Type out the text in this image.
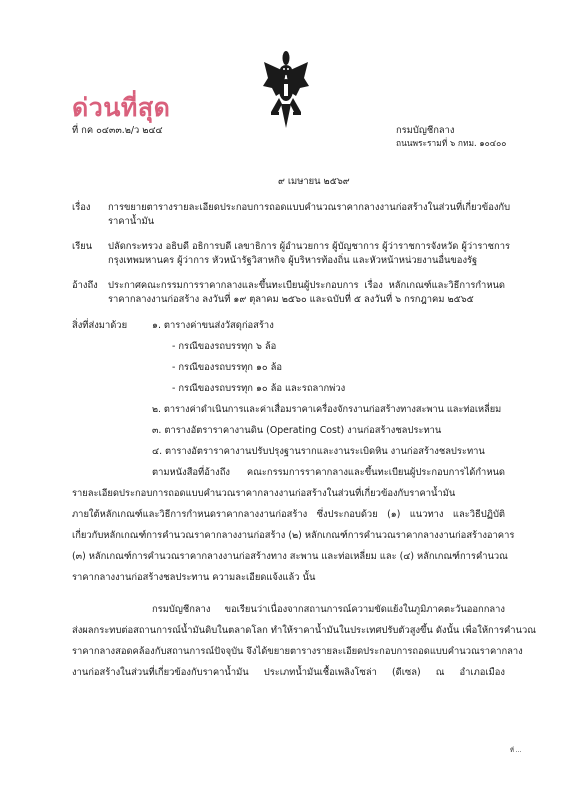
ด่วนที่สุด
ที่ กค ๐๔๓๓.๒/ว ๒๔๔	กรมบัญชีกลาง
ถนนพระรามที่ ๖ กทม. ๑๐๔๐๐
๙ เมษายน ๒๕๖๙
เรื่อง การขยายตารางรายละเอียดประกอบการถอดแบบคำนวณราคากลางงานก่อสร้างในส่วนที่เกี่ยวข้องกับ
ราคาน้ำมัน
เรียน ปลัดกระทรวง อธิบดี อธิการบดี เลขาธิการ ผู้อำนวยการ ผู้บัญชาการ ผู้ว่าราชการจังหวัด ผู้ว่าราชการ
กรุงเทพมหานคร ผู้ว่าการ หัวหน้ารัฐวิสาหกิจ ผู้บริหารท้องถิ่น และหัวหน้าหน่วยงานอื่นของรัฐ
อ้างถึง ประกาศคณะกรรมการราคากลางและขึ้นทะเบียนผู้ประกอบการ เรื่อง หลักเกณฑ์และวิธีการกำหนด
ราคากลางงานก่อสร้าง ลงวันที่ ๑๙ ตุลาคม ๒๕๖๐ และฉบับที่ ๕ ลงวันที่ ๖ กรกฎาคม ๒๕๖๕
สิ่งที่ส่งมาด้วย	๑. ตารางค่าขนส่งวัสดุก่อสร้าง
- กรณีของรถบรรทุก ๖ ล้อ
- กรณีของรถบรรทุก ๑๐ ล้อ
- กรณีของรถบรรทุก ๑๐ ล้อ และรถลากพ่วง
๒. ตารางค่าดำเนินการและค่าเสื่อมราคาเครื่องจักรงานก่อสร้างทางสะพาน และท่อเหลี่ยม
๓. ตารางอัตราราคางานดิน (Operating Cost) งานก่อสร้างชลประทาน
๔. ตารางอัตราราคางานปรับปรุงฐานรากและงานระเบิดหิน งานก่อสร้างชลประทาน
ตามหนังสือที่อ้างถึง คณะกรรมการราคากลางและขึ้นทะเบียนผู้ประกอบการได้กำหนด
รายละเอียดประกอบการถอดแบบคำนวณราคากลางงานก่อสร้างในส่วนที่เกี่ยวข้องกับราคาน้ำมัน
ภายใต้หลักเกณฑ์และวิธีการกำหนดราคากลางงานก่อสร้าง ซึ่งประกอบด้วย (๑) แนวทาง และวิธีปฏิบัติ
เกี่ยวกับหลักเกณฑ์การคำนวณราคากลางงานก่อสร้าง (๒) หลักเกณฑ์การคำนวณราคากลางงานก่อสร้างอาคาร
(๓) หลักเกณฑ์การคำนวณราคากลางงานก่อสร้างทาง สะพาน และท่อเหลี่ยม และ (๔) หลักเกณฑ์การคำนวณ
ราคากลางงานก่อสร้างชลประทาน ความละเอียดแจ้งแล้ว นั้น
กรมบัญชีกลาง ขอเรียนว่าเนื่องจากสถานการณ์ความขัดแย้งในภูมิภาคตะวันออกกลาง
ส่งผลกระทบต่อสถานการณ์น้ำมันดิบในตลาดโลก ทำให้ราคาน้ำมันในประเทศปรับตัวสูงขึ้น ดังนั้น เพื่อให้การคำนวณ
ราคากลางสอดคล้องกับสถานการณ์ปัจจุบัน จึงได้ขยายตารางรายละเอียดประกอบการถอดแบบคำนวณราคากลาง
งานก่อสร้างในส่วนที่เกี่ยวข้องกับราคาน้ำมัน ประเภทน้ำมันเชื้อเพลิงโซล่า (ดีเซล) ณ อำเภอเมือง
ที่ ...
